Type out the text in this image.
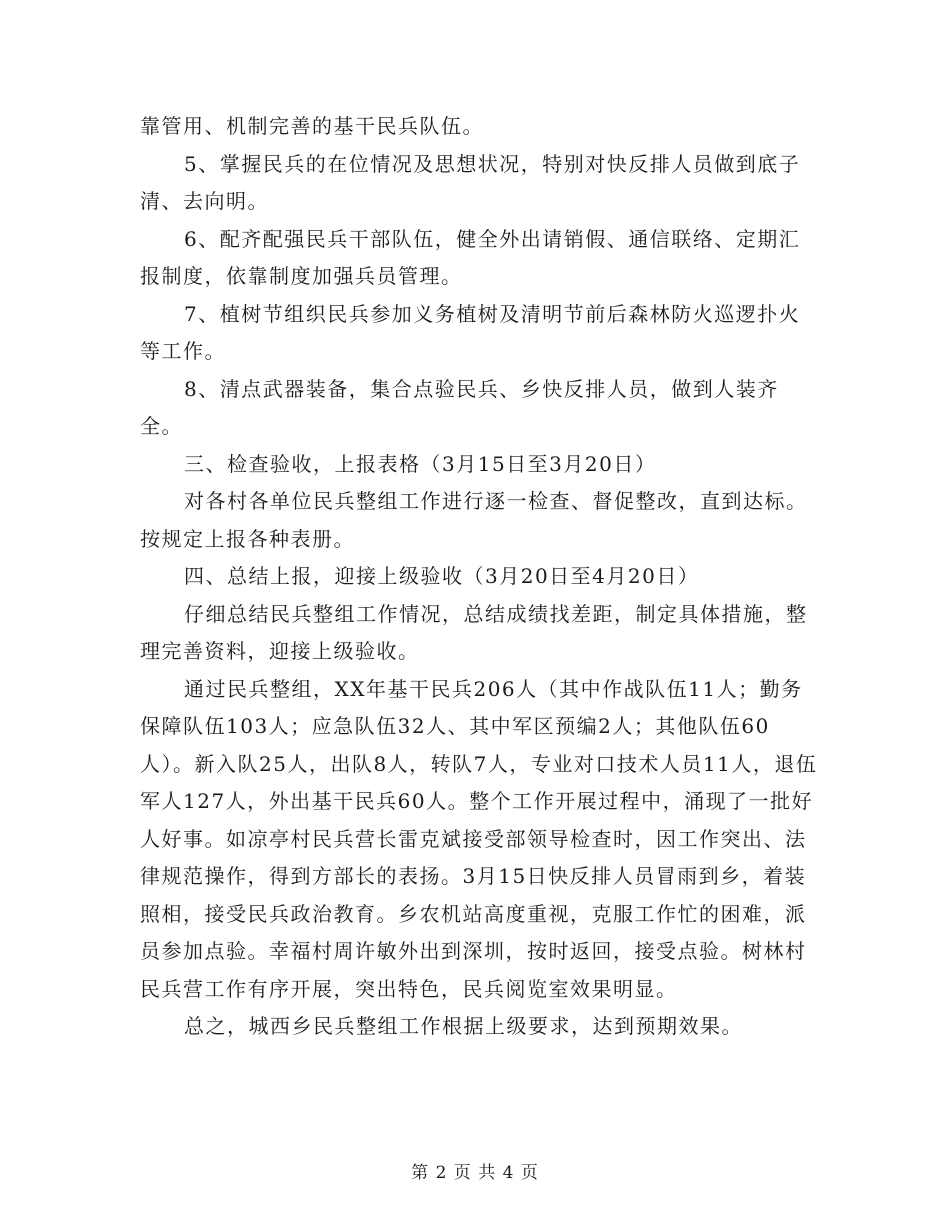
靠管用、机制完善的基干民兵队伍。

5、掌握民兵的在位情况及思想状况，特别对快反排人员做到底子清、去向明。

6、配齐配强民兵干部队伍，健全外出请销假、通信联络、定期汇报制度，依靠制度加强兵员管理。

7、植树节组织民兵参加义务植树及清明节前后森林防火巡逻扑火等工作。

8、清点武器装备，集合点验民兵、乡快反排人员，做到人装齐全。

三、检查验收，上报表格（3月15日至3月20日）

对各村各单位民兵整组工作进行逐一检查、督促整改，直到达标。按规定上报各种表册。

四、总结上报，迎接上级验收（3月20日至4月20日）

仔细总结民兵整组工作情况，总结成绩找差距，制定具体措施，整理完善资料，迎接上级验收。

通过民兵整组，XX年基干民兵206人（其中作战队伍11人；勤务保障队伍103人；应急队伍32人、其中军区预编2人；其他队伍60人）。新入队25人，出队8人，转队7人，专业对口技术人员11人，退伍军人127人，外出基干民兵60人。整个工作开展过程中，涌现了一批好人好事。如凉亭村民兵营长雷克斌接受部领导检查时，因工作突出、法律规范操作，得到方部长的表扬。3月15日快反排人员冒雨到乡，着装照相，接受民兵政治教育。乡农机站高度重视，克服工作忙的困难，派员参加点验。幸福村周许敏外出到深圳，按时返回，接受点验。树林村民兵营工作有序开展，突出特色，民兵阅览室效果明显。

总之，城西乡民兵整组工作根据上级要求，达到预期效果。

第 2 页 共 4 页
